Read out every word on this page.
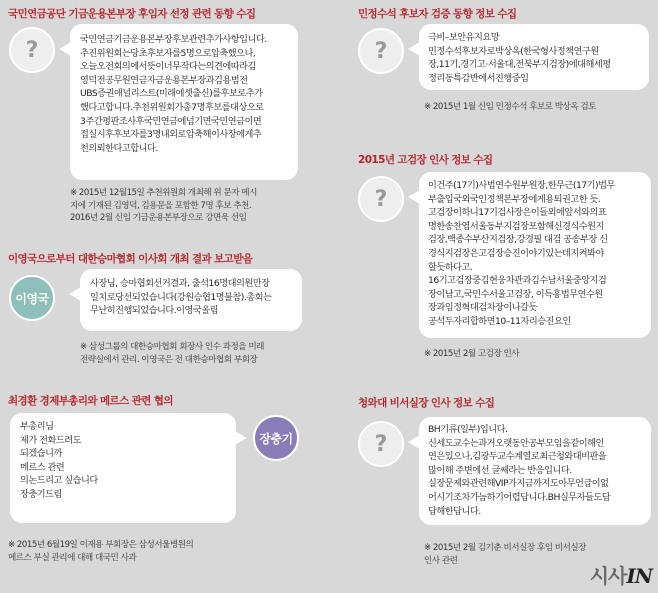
국민연금공단 기금운용본부장 후임자 선정 관련 동향 수집
?	국민연금기금운용본부장후보관련추가사항입니다.
추진위원회는당초후보자를5명으로압축했으나,
오늘오전회의에서뜻이너무작다는의견에따라김
영덕전공무원연금자금운용본부장과김용범전
UBS증권애널리스트(미래에셋출신)를후보로추가
했다고합니다.추천위원회가총7명후보를대상으로
3주간평판조사후국민연금에넘기면국민연금이면
접실시후후보자를3명내외로압축해이사장에게추
천의뢰한다고합니다.

※ 2015년 12월15일 추천위원회 개최해 위 문자 메시
지에 기재된 김영덕, 김용문을 포함한 7명 후보 추천.
2016년 2월 신임 기금운용본부장으로 강면욱 선임

민정수석 후보자 검증 동향 정보 수집
?

극비–보안유지요망
민정수석후보자로박상옥(한국형사정책연구원
장,11기,경기고·서울대,전북부지검장)에대해세평
정리동특감반에서진행중임

※ 2015년 1월 신임 민정수석 후보로 박상옥 검토

이영국으로부터 대한승마협회 이사회 개최 결과 보고받음
이영국

사장님, 승마협회선거결과, 출석16명대의원만장
일치로당선되었습니다(강원승협1명불참).총회는
무난히진행되었습니다.이영국올림

※ 삼성그룹의 대한승마협회 회장사 인수 과정을 미래
전략실에서 관리. 이영국은 전 대한승마협회 부회장

2015년 고검장 인사 정보 수집
?

이건주(17기)사법연수원부원장,한무근(17기)법무
부출입국외국인정책본부장에게용퇴권고한 듯.
고검장이하니17기검사장은이들외에앞서와의표
명한송찬엽서울동부지검장포함해신경식수원지
검장,백종수부산지검장,강경필 대검 공송부장 신
경식지검장은고검장승진이야기있는데지켜봐야
할듯하다고.
16기고검장중김현웅차관과김수남서울중앙지검
장이남고,국민수서울고검장, 이득홍법무연수원
장과임정혁대검차장이나갈듯
공석두자리합하면10–11자리승진요인

※ 2015년 2월 고검장 인사

최경환 경제부총리와 메르스 관련 협의

부총리님
제가 전화드려도
되겠습니까
메르스 관련
의논드리고 싶습니다
장충기드림

장충기

※ 2015년 6월19일 이재용 부회장은 삼성서울병원의
메르스 부실 관리에 대해 대국민 사과

청와대 비서실장 인사 정보 수집
?

BH기류(일부)입니다.
신세도교수는과거오랫동안공부모임을같이해인
연은있으나,김광두교수계열로최근청와대비판을
많이해 주변에선 글쎄라는 반응입니다.
실장문제와관련해VIP가지금까지도아무언급이없
어시기조차가늠하기어렵답니다.BH실무자들도답
답해한답니다.

※ 2015년 2월 김기춘 비서실장 후임 비서실장
인사 관련

시사IN
